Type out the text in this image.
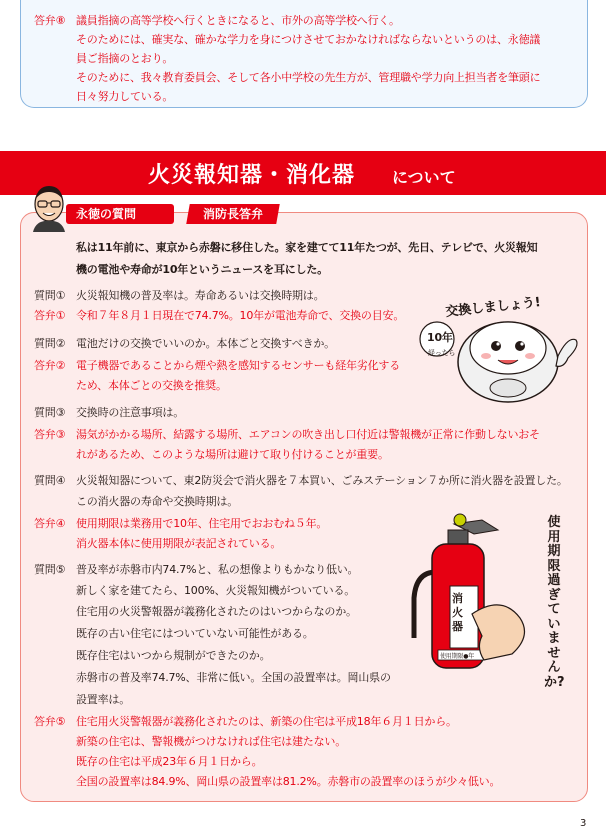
答弁⑧ 議員指摘の高等学校へ行くときになると、市外の高等学校へ行く。
そのためには、確実な、確かな学力を身につけさせておかなければならないというのは、永徳議
員ご指摘のとおり。
そのために、我々教育委員会、そして各小中学校の先生方が、管理職や学力向上担当者を筆頭に
日々努力している。
火災報知器・消化器 について
永徳の質問	消防長答弁
私は11年前に、東京から赤磐に移住した。家を建てて11年たつが、先日、テレビで、火災報知
機の電池や寿命が10年というニュースを耳にした。
質問① 火災報知機の普及率は。寿命あるいは交換時期は。
答弁① 令和７年８月１日現在で74.7%。10年が電池寿命で、交換の目安。
質問② 電池だけの交換でいいのか。本体ごと交換すべきか。
答弁② 電子機器であることから煙や熱を感知するセンサーも経年劣化する
ため、本体ごとの交換を推奨。
質問③ 交換時の注意事項は。
答弁③ 湯気がかかる場所、結露する場所、エアコンの吹き出し口付近は警報機が正常に作動しないおそ
れがあるため、このような場所は避けて取り付けることが重要。
質問④ 火災報知器について、東2防災会で消火器を７本買い、ごみステーション７か所に消火器を設置した。
この消火器の寿命や交換時期は。
答弁④ 使用期限は業務用で10年、住宅用でおおむね５年。
消火器本体に使用期限が表記されている。
質問⑤ 普及率が赤磐市内74.7%と、私の想像よりもかなり低い。
新しく家を建てたら、100%、火災報知機がついている。
住宅用の火災警報器が義務化されたのはいつからなのか。
既存の古い住宅にはついていない可能性がある。
既存住宅はいつから規制ができたのか。
赤磐市の普及率74.7%、非常に低い。全国の設置率は。岡山県の
設置率は。
答弁⑤ 住宅用火災警報器が義務化されたのは、新築の住宅は平成18年６月１日から。
新築の住宅は、警報機がつけなければ住宅は建たない。
既存の住宅は平成23年６月１日から。
全国の設置率は84.9%、岡山県の設置率は81.2%。赤磐市の設置率のほうが少々低い。
交換しましょう!
10年
経ったら
消火器
使用期限●年
使用期限過ぎていませんか?
3
